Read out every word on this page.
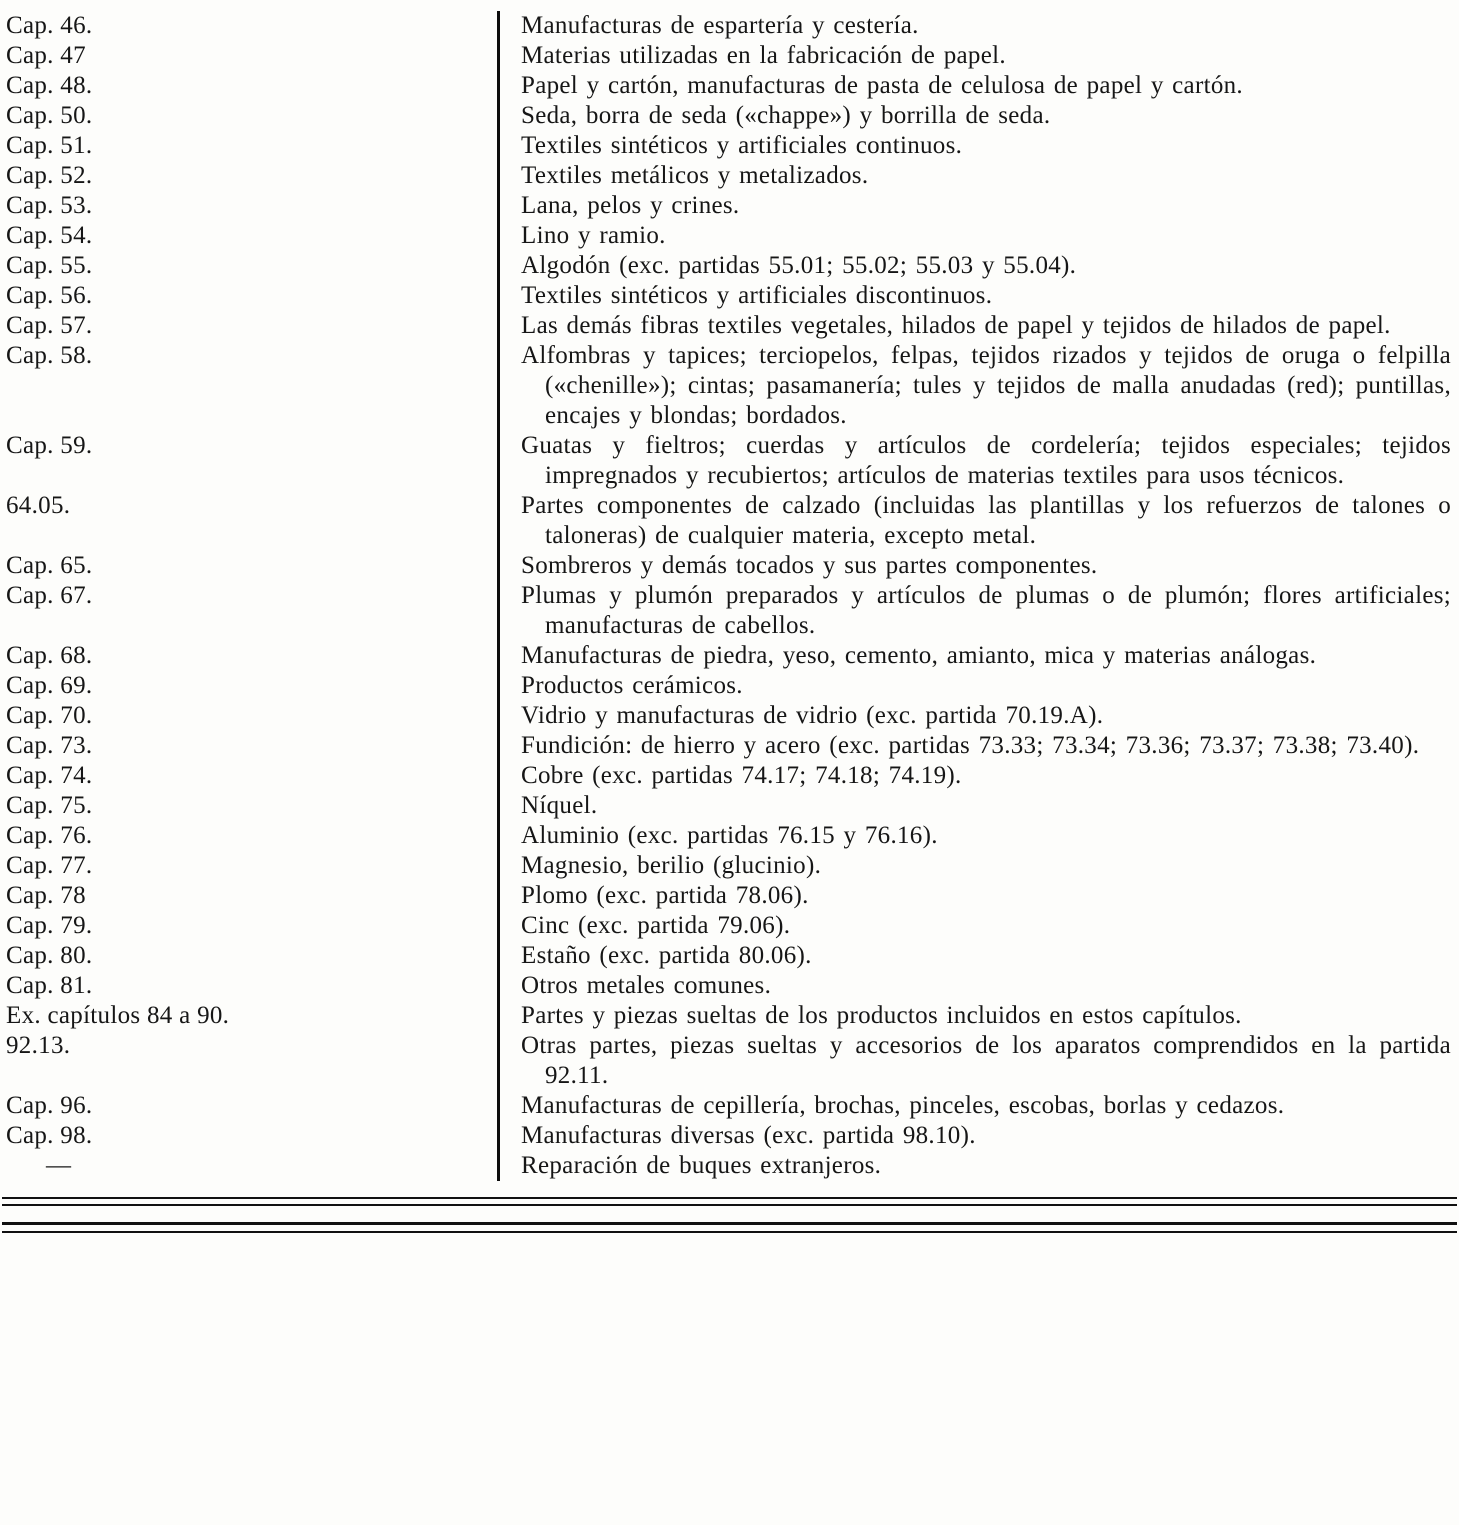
Cap. 46.	Manufacturas de espartería y cestería.
Cap. 47	Materias utilizadas en la fabricación de papel.
Cap. 48.	Papel y cartón, manufacturas de pasta de celulosa de papel y cartón.
Cap. 50.	Seda, borra de seda («chappe») y borrilla de seda.
Cap. 51.	Textiles sintéticos y artificiales continuos.
Cap. 52.	Textiles metálicos y metalizados.
Cap. 53.	Lana, pelos y crines.
Cap. 54.	Lino y ramio.
Cap. 55.	Algodón (exc. partidas 55.01; 55.02; 55.03 y 55.04).
Cap. 56.	Textiles sintéticos y artificiales discontinuos.
Cap. 57.	Las demás fibras textiles vegetales, hilados de papel y tejidos de hilados de papel.
Cap. 58.	Alfombras y tapices; terciopelos, felpas, tejidos rizados y tejidos de oruga o felpilla («chenille»); cintas; pasamanería; tules y tejidos de malla anudadas (red); puntillas, encajes y blondas; bordados.
Cap. 59.	Guatas y fieltros; cuerdas y artículos de cordelería; tejidos especiales; tejidos impregnados y recubiertos; artículos de materias textiles para usos técnicos.
64.05.	Partes componentes de calzado (incluidas las plantillas y los refuerzos de talones o taloneras) de cualquier materia, excepto metal.
Cap. 65.	Sombreros y demás tocados y sus partes componentes.
Cap. 67.	Plumas y plumón preparados y artículos de plumas o de plumón; flores artificiales; manufacturas de cabellos.
Cap. 68.	Manufacturas de piedra, yeso, cemento, amianto, mica y materias análogas.
Cap. 69.	Productos cerámicos.
Cap. 70.	Vidrio y manufacturas de vidrio (exc. partida 70.19.A).
Cap. 73.	Fundición: de hierro y acero (exc. partidas 73.33; 73.34; 73.36; 73.37; 73.38; 73.40).
Cap. 74.	Cobre (exc. partidas 74.17; 74.18; 74.19).
Cap. 75.	Níquel.
Cap. 76.	Aluminio (exc. partidas 76.15 y 76.16).
Cap. 77.	Magnesio, berilio (glucinio).
Cap. 78	Plomo (exc. partida 78.06).
Cap. 79.	Cinc (exc. partida 79.06).
Cap. 80.	Estaño (exc. partida 80.06).
Cap. 81.	Otros metales comunes.
Ex. capítulos 84 a 90.	Partes y piezas sueltas de los productos incluidos en estos capítulos.
92.13.	Otras partes, piezas sueltas y accesorios de los aparatos comprendidos en la partida 92.11.
Cap. 96.	Manufacturas de cepillería, brochas, pinceles, escobas, borlas y cedazos.
Cap. 98.	Manufacturas diversas (exc. partida 98.10).
—	Reparación de buques extranjeros.
